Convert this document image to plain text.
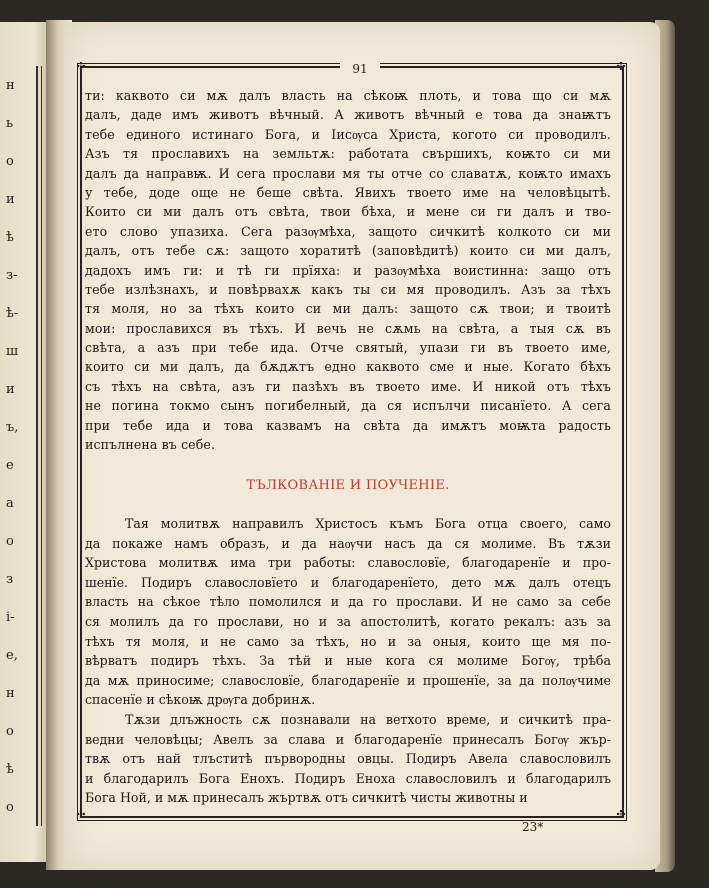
н
ь
о
и
ѣ
з-
ѣ-
ш
и
ъ,
е
а
о
з
і-
е,
н
о
ѣ
о
✣	✣
✣	✣
91
ти: каквото си мѫ далъ власть на сѣкоѭ плоть, и това що си мѫ
далъ, даде имъ животъ вѣчный. А животъ вѣчный е това да знаѭтъ
тебе единого истинаго Бога, и Іисѹса Христа, когото си проводилъ.
Азъ тя прославихъ на земльтѫ: работата свършихъ, коѭто си ми
далъ да направѭ. И сега прослави мя ты отче со славатѫ, коѭто имахъ
у тебе, доде още не беше свѣта. Явихъ твоето име на человѣцытѣ.
Които си ми далъ отъ свѣта, твои бѣха, и мене си ги далъ и тво-
ето слово упазиха. Сега разѹмѣха, защото сичкитѣ колкото си ми
далъ, отъ тебе сѫ: защото хоратитѣ (заповѣдитѣ) които си ми далъ,
дадохъ имъ ги: и тѣ ги прїяха: и разѹмѣха воистинна: защо отъ
тебе излѣзнахъ, и повѣрвахѫ какъ ты си мя проводилъ. Азъ за тѣхъ
тя моля, но за тѣхъ които си ми далъ: защото сѫ твои; и твоитѣ
мои: прославихся въ тѣхъ. И вечь не сѫмь на свѣта, а тыя сѫ въ
свѣта, а азъ при тебе ида. Отче святый, упази ги въ твоето име,
които си ми далъ, да бѫдѫтъ едно каквото сме и ные. Когато бѣхъ
съ тѣхъ на свѣта, азъ ги пазѣхъ въ твоето име. И никой отъ тѣхъ
не погина токмо сынъ погибелный, да ся испълчи писанїето. А сега
при тебе ида и това казвамъ на свѣта да имѫтъ моѭта радость
испълнена въ себе.
ТЪЛКОВАНІЕ И ПОУЧЕНІЕ.
Тая молитвѫ направилъ Христосъ къмъ Бога отца своего, само
да покаже намъ образъ, и да наѹчи насъ да ся молиме. Въ тѫзи
Христова молитвѫ има три работы: славословїе, благодаренїе и про-
шенїе. Подиръ славословїето и благодаренїето, дето мѫ далъ отецъ
власть на сѣкое тѣло помолился и да го прослави. И не само за себе
ся молилъ да го прослави, но и за апостолитѣ, когато рекалъ: азъ за
тѣхъ тя моля, и не само за тѣхъ, но и за оныя, които ще мя по-
вѣрватъ подиръ тѣхъ. За тѣй и ные кога ся молиме Богѹ, трѣба
да мѫ приносиме; славословїе, благодаренїе и прошенїе, за да полѹчиме
спасенїе и сѣкоѭ дрѹга добринѫ.
Тѫзи длъжность сѫ познавали на ветхото време, и сичкитѣ пра-
ведни человѣцы; Авелъ за слава и благодаренїе принесалъ Богѹ жър-
твѫ отъ най тлъститѣ първородны овцы. Подиръ Авела славословилъ
и благодарилъ Бога Енохъ. Подиръ Еноха славословилъ и благодарилъ
Бога Ной, и мѫ принесалъ жъртвѫ отъ сичкитѣ чисты животны и
23*
